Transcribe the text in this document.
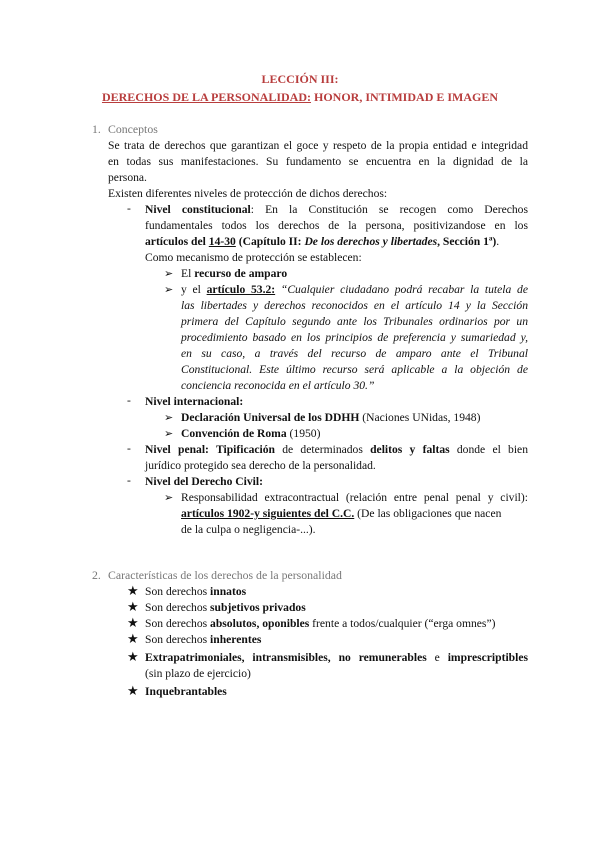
LECCIÓN III:
DERECHOS DE LA PERSONALIDAD: HONOR, INTIMIDAD E IMAGEN
1. Conceptos
Se trata de derechos que garantizan el goce y respeto de la propia entidad e integridad
en todas sus manifestaciones. Su fundamento se encuentra en la dignidad de la
persona.
Existen diferentes niveles de protección de dichos derechos:
-	Nivel constitucional: En la Constitución se recogen como Derechos
fundamentales todos los derechos de la persona, positivizandose en los
artículos del 14-30 (Capítulo II: De los derechos y libertades, Sección 1ª).
Como mecanismo de protección se establecen:
➢ El recurso de amparo
➢ y el artículo 53.2: “Cualquier ciudadano podrá recabar la tutela de
las libertades y derechos reconocidos en el artículo 14 y la Sección
primera del Capítulo segundo ante los Tribunales ordinarios por un
procedimiento basado en los principios de preferencia y sumariedad y,
en su caso, a través del recurso de amparo ante el Tribunal
Constitucional. Este último recurso será aplicable a la objeción de
conciencia reconocida en el artículo 30.”
-	Nivel internacional:
➢ Declaración Universal de los DDHH (Naciones UNidas, 1948)
➢ Convención de Roma (1950)
-	Nivel penal: Tipificación de determinados delitos y faltas donde el bien
jurídico protegido sea derecho de la personalidad.
-	Nivel del Derecho Civil:
➢ Responsabilidad extracontractual (relación entre penal penal y civil):
artículos 1902-y siguientes del C.C. (De las obligaciones que nacen
de la culpa o negligencia-...).
2. Características de los derechos de la personalidad
★ Son derechos innatos
★ Son derechos subjetivos privados
★ Son derechos absolutos, oponibles frente a todos/cualquier (“erga omnes”)
★ Son derechos inherentes
★ Extrapatrimoniales, intransmisibles, no remunerables e imprescriptibles
(sin plazo de ejercicio)
★ Inquebrantables
